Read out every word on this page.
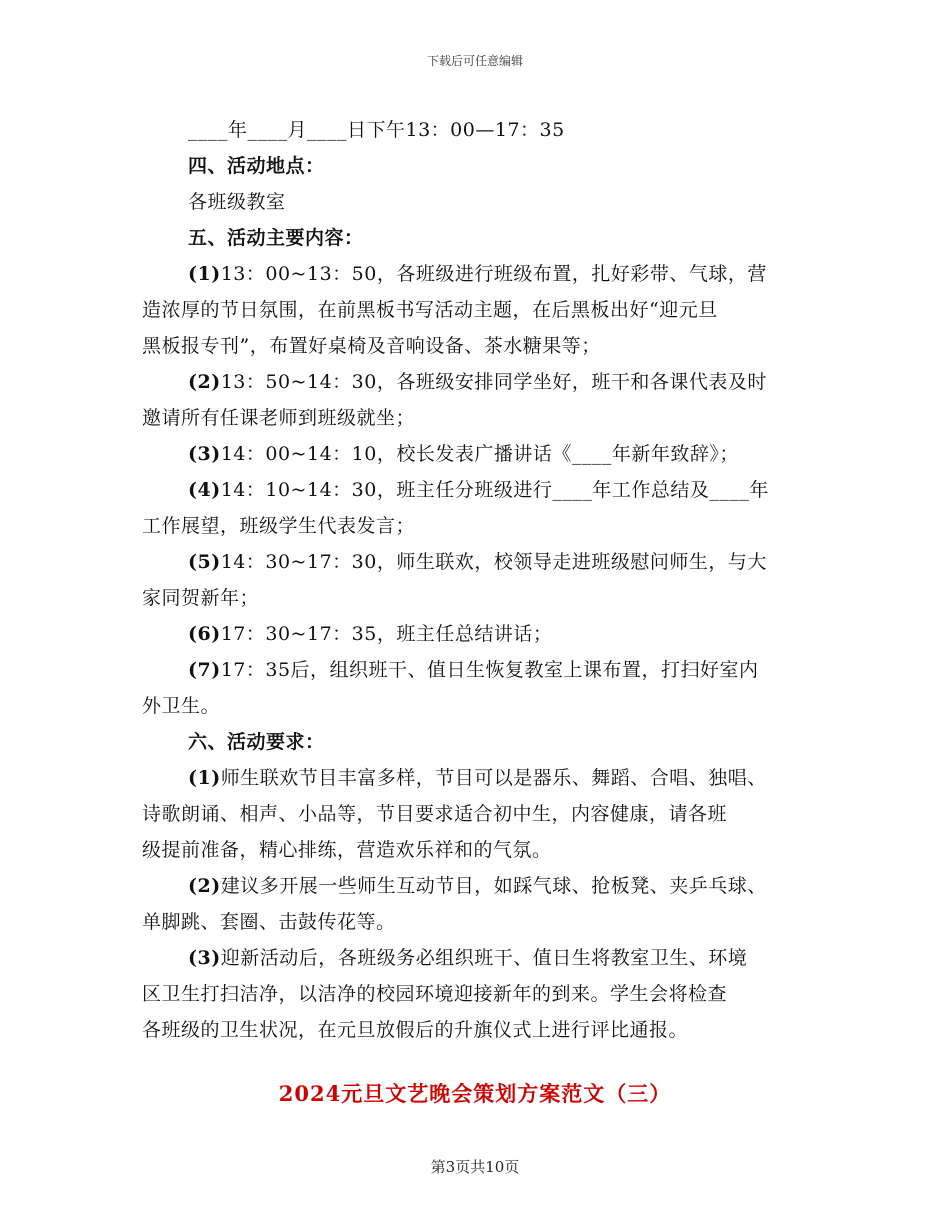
下载后可任意编辑
____年____月____日下午13：00—17：35
四、活动地点：
各班级教室
五、活动主要内容：
(1)13：00~13：50，各班级进行班级布置，扎好彩带、气球，营
造浓厚的节日氛围，在前黑板书写活动主题，在后黑板出好“迎元旦
黑板报专刊”，布置好桌椅及音响设备、茶水糖果等；
(2)13：50~14：30，各班级安排同学坐好，班干和各课代表及时
邀请所有任课老师到班级就坐；
(3)14：00~14：10，校长发表广播讲话《____年新年致辞》；
(4)14：10~14：30，班主任分班级进行____年工作总结及____年
工作展望，班级学生代表发言；
(5)14：30~17：30，师生联欢，校领导走进班级慰问师生，与大
家同贺新年；
(6)17：30~17：35，班主任总结讲话；
(7)17：35后，组织班干、值日生恢复教室上课布置，打扫好室内
外卫生。
六、活动要求：
(1)师生联欢节目丰富多样，节目可以是器乐、舞蹈、合唱、独唱、
诗歌朗诵、相声、小品等，节目要求适合初中生，内容健康，请各班
级提前准备，精心排练，营造欢乐祥和的气氛。
(2)建议多开展一些师生互动节目，如踩气球、抢板凳、夹乒乓球、
单脚跳、套圈、击鼓传花等。
(3)迎新活动后，各班级务必组织班干、值日生将教室卫生、环境
区卫生打扫洁净，以洁净的校园环境迎接新年的到来。学生会将检查
各班级的卫生状况，在元旦放假后的升旗仪式上进行评比通报。
2024元旦文艺晚会策划方案范文（三）
第3页共10页
